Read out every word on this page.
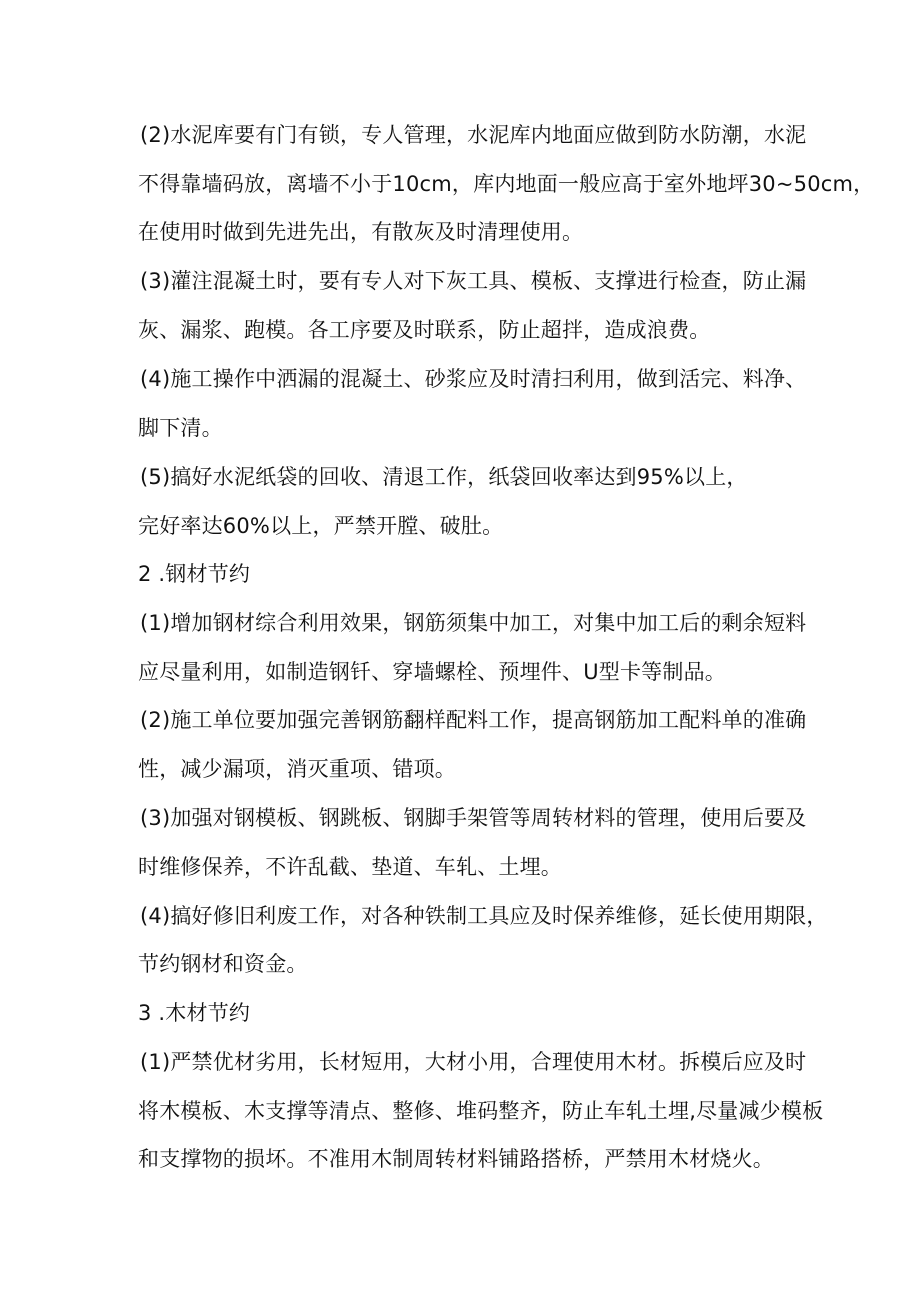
(2)水泥库要有门有锁，专人管理，水泥库内地面应做到防水防潮，水泥
不得靠墙码放，离墙不小于10cm，库内地面一般应高于室外地坪30~50cm，
在使用时做到先进先出，有散灰及时清理使用。
(3)灌注混凝土时，要有专人对下灰工具、模板、支撑进行检查，防止漏
灰、漏浆、跑模。各工序要及时联系，防止超拌，造成浪费。
(4)施工操作中洒漏的混凝土、砂浆应及时清扫利用，做到活完、料净、
脚下清。
(5)搞好水泥纸袋的回收、清退工作，纸袋回收率达到95%以上，
完好率达60%以上，严禁开膛、破肚。
2 .钢材节约
(1)增加钢材综合利用效果，钢筋须集中加工，对集中加工后的剩余短料
应尽量利用，如制造钢钎、穿墙螺栓、预埋件、U型卡等制品。
(2)施工单位要加强完善钢筋翻样配料工作，提高钢筋加工配料单的准确
性，减少漏项，消灭重项、错项。
(3)加强对钢模板、钢跳板、钢脚手架管等周转材料的管理，使用后要及
时维修保养，不许乱截、垫道、车轧、土埋。
(4)搞好修旧利废工作，对各种铁制工具应及时保养维修，延长使用期限，
节约钢材和资金。
3 .木材节约
(1)严禁优材劣用，长材短用，大材小用，合理使用木材。拆模后应及时
将木模板、木支撑等清点、整修、堆码整齐，防止车轧土埋,尽量减少模板
和支撑物的损坏。不准用木制周转材料铺路搭桥，严禁用木材烧火。
